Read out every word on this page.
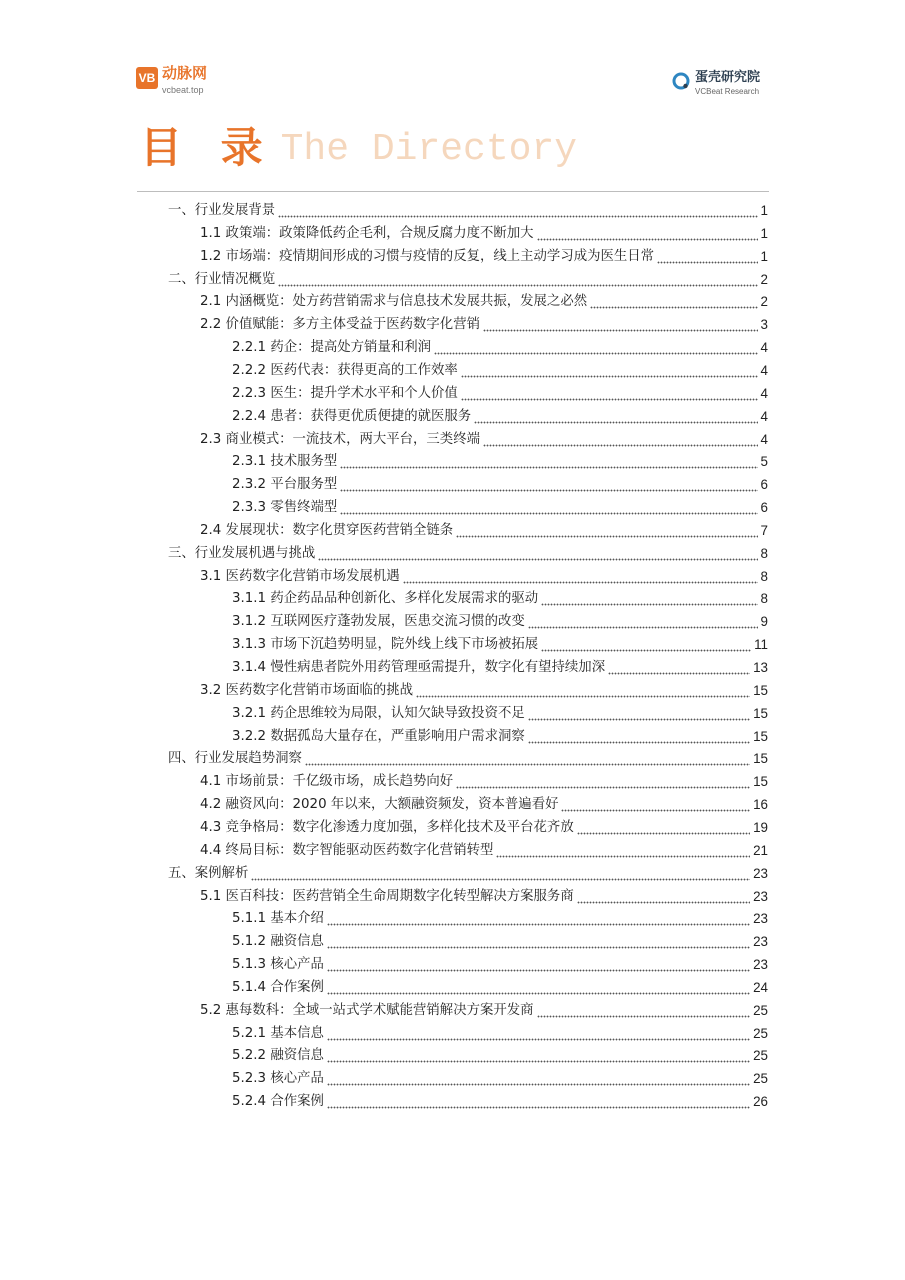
VB 动脉网
vcbeat.top
蛋壳研究院
VCBeat Research
目 录 The Directory
一、行业发展背景	1
1.1 政策端：政策降低药企毛利，合规反腐力度不断加大	1
1.2 市场端：疫情期间形成的习惯与疫情的反复，线上主动学习成为医生日常	1
二、行业情况概览	2
2.1 内涵概览：处方药营销需求与信息技术发展共振，发展之必然	2
2.2 价值赋能：多方主体受益于医药数字化营销	3
2.2.1 药企：提高处方销量和利润	4
2.2.2 医药代表：获得更高的工作效率	4
2.2.3 医生：提升学术水平和个人价值	4
2.2.4 患者：获得更优质便捷的就医服务	4
2.3 商业模式：一流技术，两大平台，三类终端	4
2.3.1 技术服务型	5
2.3.2 平台服务型	6
2.3.3 零售终端型	6
2.4 发展现状：数字化贯穿医药营销全链条	7
三、行业发展机遇与挑战	8
3.1 医药数字化营销市场发展机遇	8
3.1.1 药企药品品种创新化、多样化发展需求的驱动	8
3.1.2 互联网医疗蓬勃发展，医患交流习惯的改变	9
3.1.3 市场下沉趋势明显，院外线上线下市场被拓展	11
3.1.4 慢性病患者院外用药管理亟需提升，数字化有望持续加深	13
3.2 医药数字化营销市场面临的挑战	15
3.2.1 药企思维较为局限，认知欠缺导致投资不足	15
3.2.2 数据孤岛大量存在，严重影响用户需求洞察	15
四、行业发展趋势洞察	15
4.1 市场前景：千亿级市场，成长趋势向好	15
4.2 融资风向：2020 年以来，大额融资频发，资本普遍看好	16
4.3 竞争格局：数字化渗透力度加强，多样化技术及平台花齐放	19
4.4 终局目标：数字智能驱动医药数字化营销转型	21
五、案例解析	23
5.1 医百科技：医药营销全生命周期数字化转型解决方案服务商	23
5.1.1 基本介绍	23
5.1.2 融资信息	23
5.1.3 核心产品	23
5.1.4 合作案例	24
5.2 惠每数科：全域一站式学术赋能营销解决方案开发商	25
5.2.1 基本信息	25
5.2.2 融资信息	25
5.2.3 核心产品	25
5.2.4 合作案例	26
